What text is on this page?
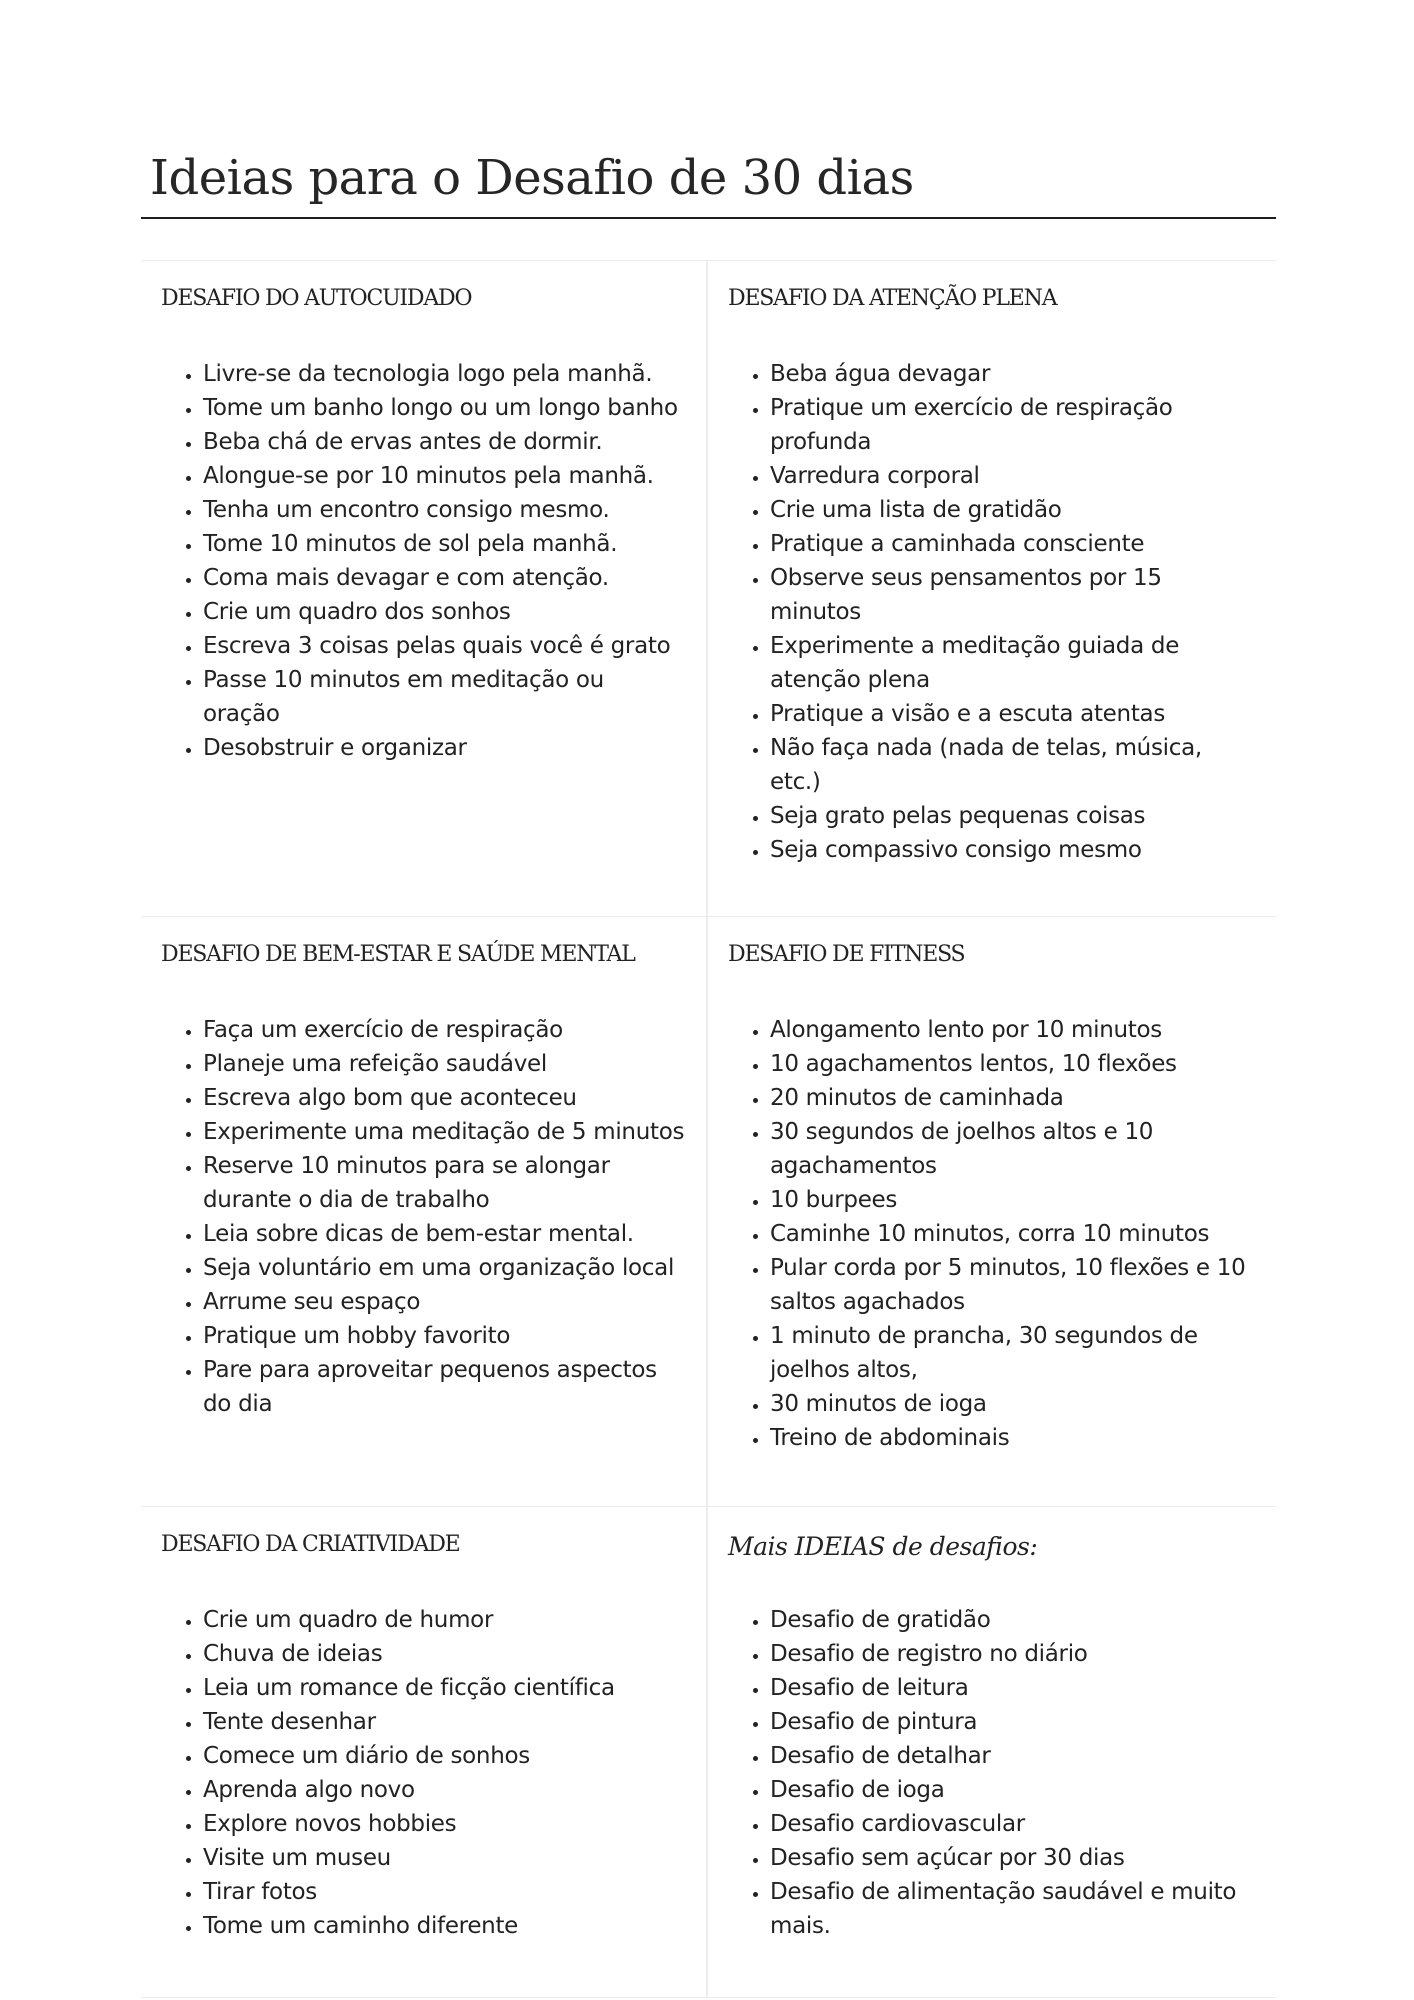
Ideias para o Desafio de 30 dias
DESAFIO DO AUTOCUIDADO
• Livre-se da tecnologia logo pela manhã.
• Tome um banho longo ou um longo banho
• Beba chá de ervas antes de dormir.
• Alongue-se por 10 minutos pela manhã.
• Tenha um encontro consigo mesmo.
• Tome 10 minutos de sol pela manhã.
• Coma mais devagar e com atenção.
• Crie um quadro dos sonhos
• Escreva 3 coisas pelas quais você é grato
• Passe 10 minutos em meditação ou oração
• Desobstruir e organizar
DESAFIO DA ATENÇÃO PLENA
• Beba água devagar
• Pratique um exercício de respiração profunda
• Varredura corporal
• Crie uma lista de gratidão
• Pratique a caminhada consciente
• Observe seus pensamentos por 15 minutos
• Experimente a meditação guiada de atenção plena
• Pratique a visão e a escuta atentas
• Não faça nada (nada de telas, música, etc.)
• Seja grato pelas pequenas coisas
• Seja compassivo consigo mesmo
DESAFIO DE BEM-ESTAR E SAÚDE MENTAL
• Faça um exercício de respiração
• Planeje uma refeição saudável
• Escreva algo bom que aconteceu
• Experimente uma meditação de 5 minutos
• Reserve 10 minutos para se alongar durante o dia de trabalho
• Leia sobre dicas de bem-estar mental.
• Seja voluntário em uma organização local
• Arrume seu espaço
• Pratique um hobby favorito
• Pare para aproveitar pequenos aspectos do dia
DESAFIO DE FITNESS
• Alongamento lento por 10 minutos
• 10 agachamentos lentos, 10 flexões
• 20 minutos de caminhada
• 30 segundos de joelhos altos e 10 agachamentos
• 10 burpees
• Caminhe 10 minutos, corra 10 minutos
• Pular corda por 5 minutos, 10 flexões e 10 saltos agachados
• 1 minuto de prancha, 30 segundos de joelhos altos,
• 30 minutos de ioga
• Treino de abdominais
DESAFIO DA CRIATIVIDADE
• Crie um quadro de humor
• Chuva de ideias
• Leia um romance de ficção científica
• Tente desenhar
• Comece um diário de sonhos
• Aprenda algo novo
• Explore novos hobbies
• Visite um museu
• Tirar fotos
• Tome um caminho diferente
Mais IDEIAS de desafios:
• Desafio de gratidão
• Desafio de registro no diário
• Desafio de leitura
• Desafio de pintura
• Desafio de detalhar
• Desafio de ioga
• Desafio cardiovascular
• Desafio sem açúcar por 30 dias
• Desafio de alimentação saudável e muito mais.
